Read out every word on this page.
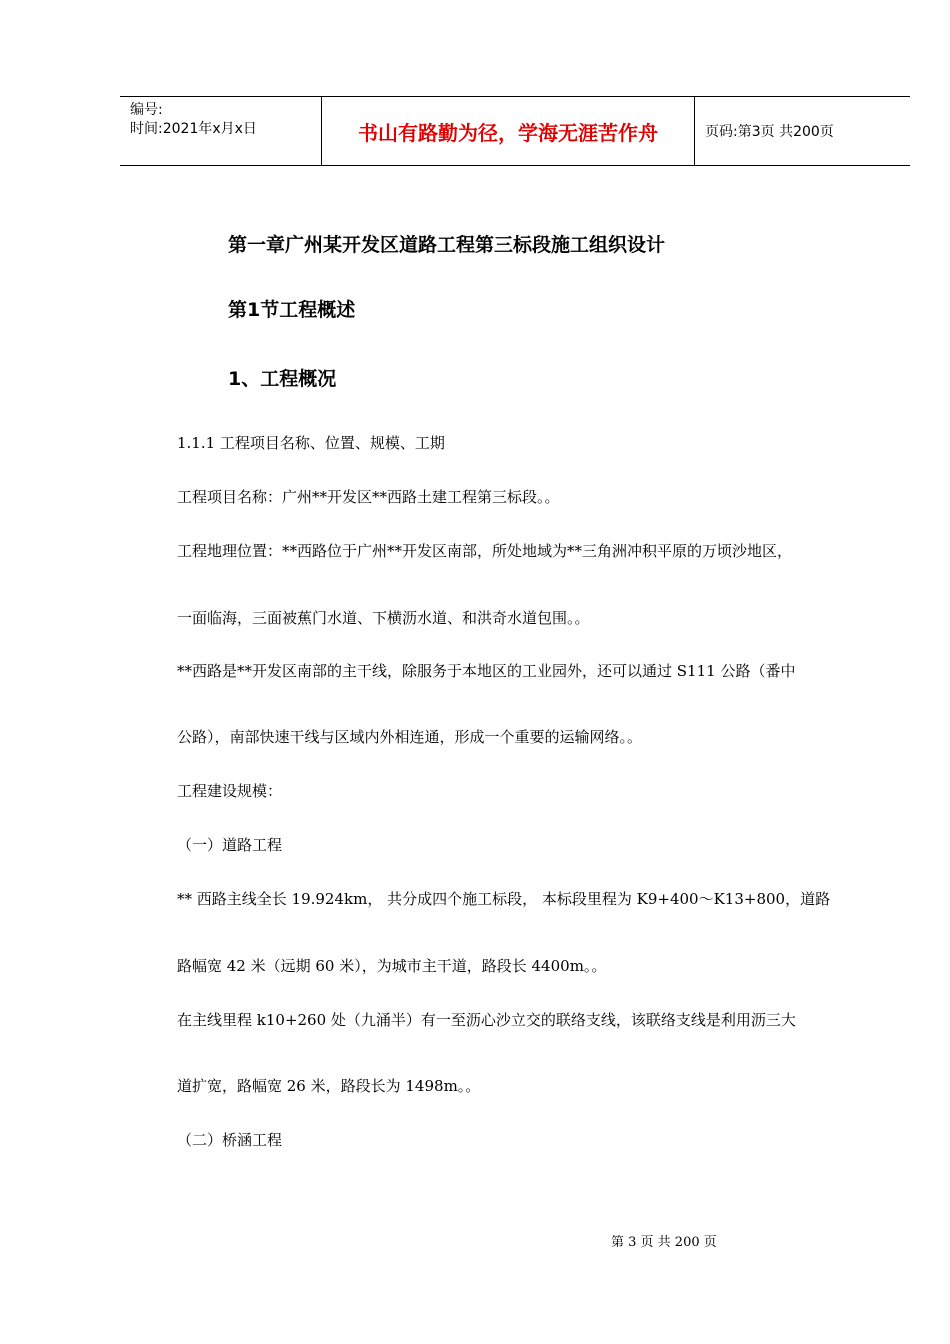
编号:
时间:2021年x月x日	书山有路勤为径，学海无涯苦作舟	页码:第3页 共200页
第一章广州某开发区道路工程第三标段施工组织设计
第1节工程概述
1、工程概况
1.1.1 工程项目名称、位置、规模、工期
工程项目名称：广州**开发区**西路土建工程第三标段。。
工程地理位置：**西路位于广州**开发区南部，所处地域为**三角洲冲积平原的万顷沙地区，
一面临海，三面被蕉门水道、下横沥水道、和洪奇水道包围。。
**西路是**开发区南部的主干线，除服务于本地区的工业园外，还可以通过 S111 公路（番中
公路），南部快速干线与区域内外相连通，形成一个重要的运输网络。。
工程建设规模：
（一）道路工程
** 西路主线全长 19.924km， 共分成四个施工标段， 本标段里程为 K9+400～K13+800，道路
路幅宽 42 米（远期 60 米），为城市主干道，路段长 4400m。。
在主线里程 k10+260 处（九涌半）有一至沥心沙立交的联络支线，该联络支线是利用沥三大
道扩宽，路幅宽 26 米，路段长为 1498m。。
（二）桥涵工程
第 3 页 共 200 页
